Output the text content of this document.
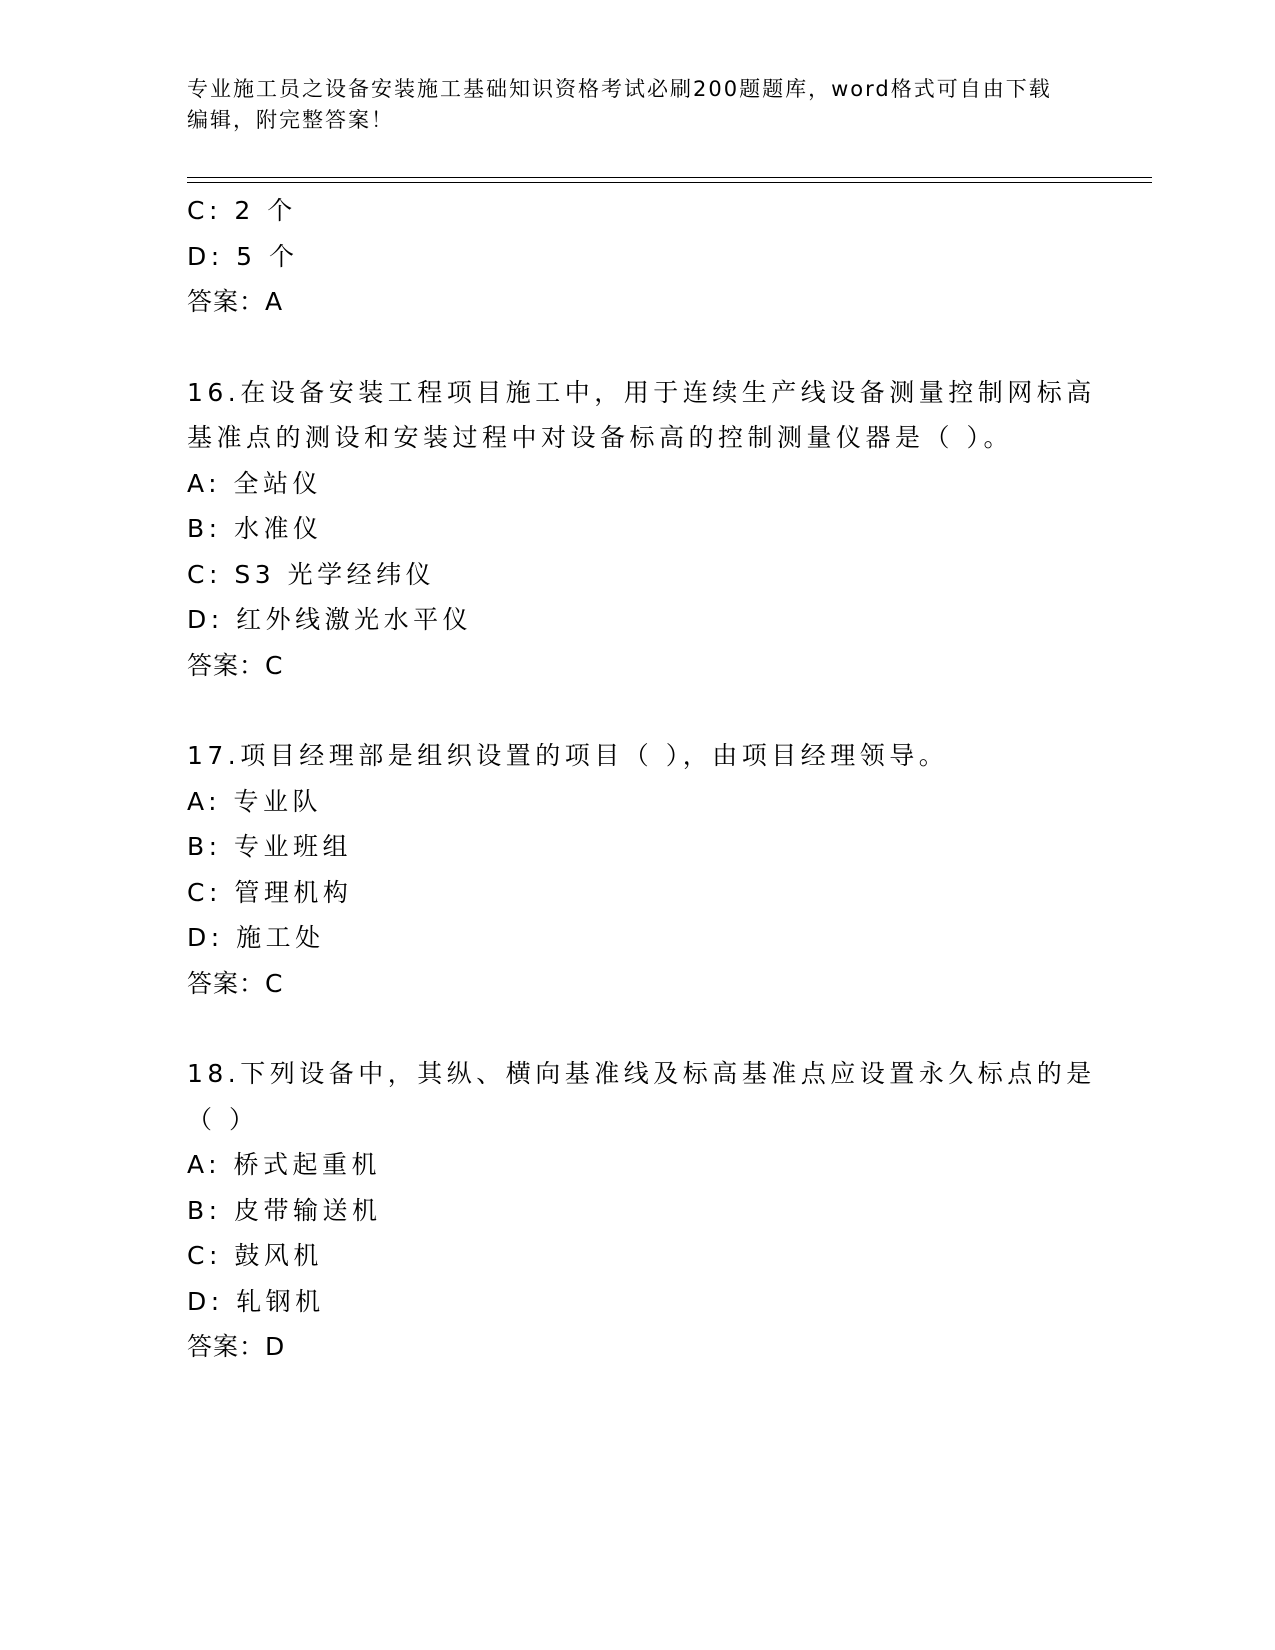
专业施工员之设备安装施工基础知识资格考试必刷200题题库，word格式可自由下载编辑，附完整答案！
C: 2 个
D: 5 个
答案：A
16.在设备安装工程项目施工中，用于连续生产线设备测量控制网标高
基准点的测设和安装过程中对设备标高的控制测量仪器是（ ）。
A: 全站仪
B: 水准仪
C: S3 光学经纬仪
D: 红外线激光水平仪
答案：C
17.项目经理部是组织设置的项目（ ），由项目经理领导。
A: 专业队
B: 专业班组
C: 管理机构
D: 施工处
答案：C
18.下列设备中，其纵、横向基准线及标高基准点应设置永久标点的是
（ ）
A: 桥式起重机
B: 皮带输送机
C: 鼓风机
D: 轧钢机
答案：D
